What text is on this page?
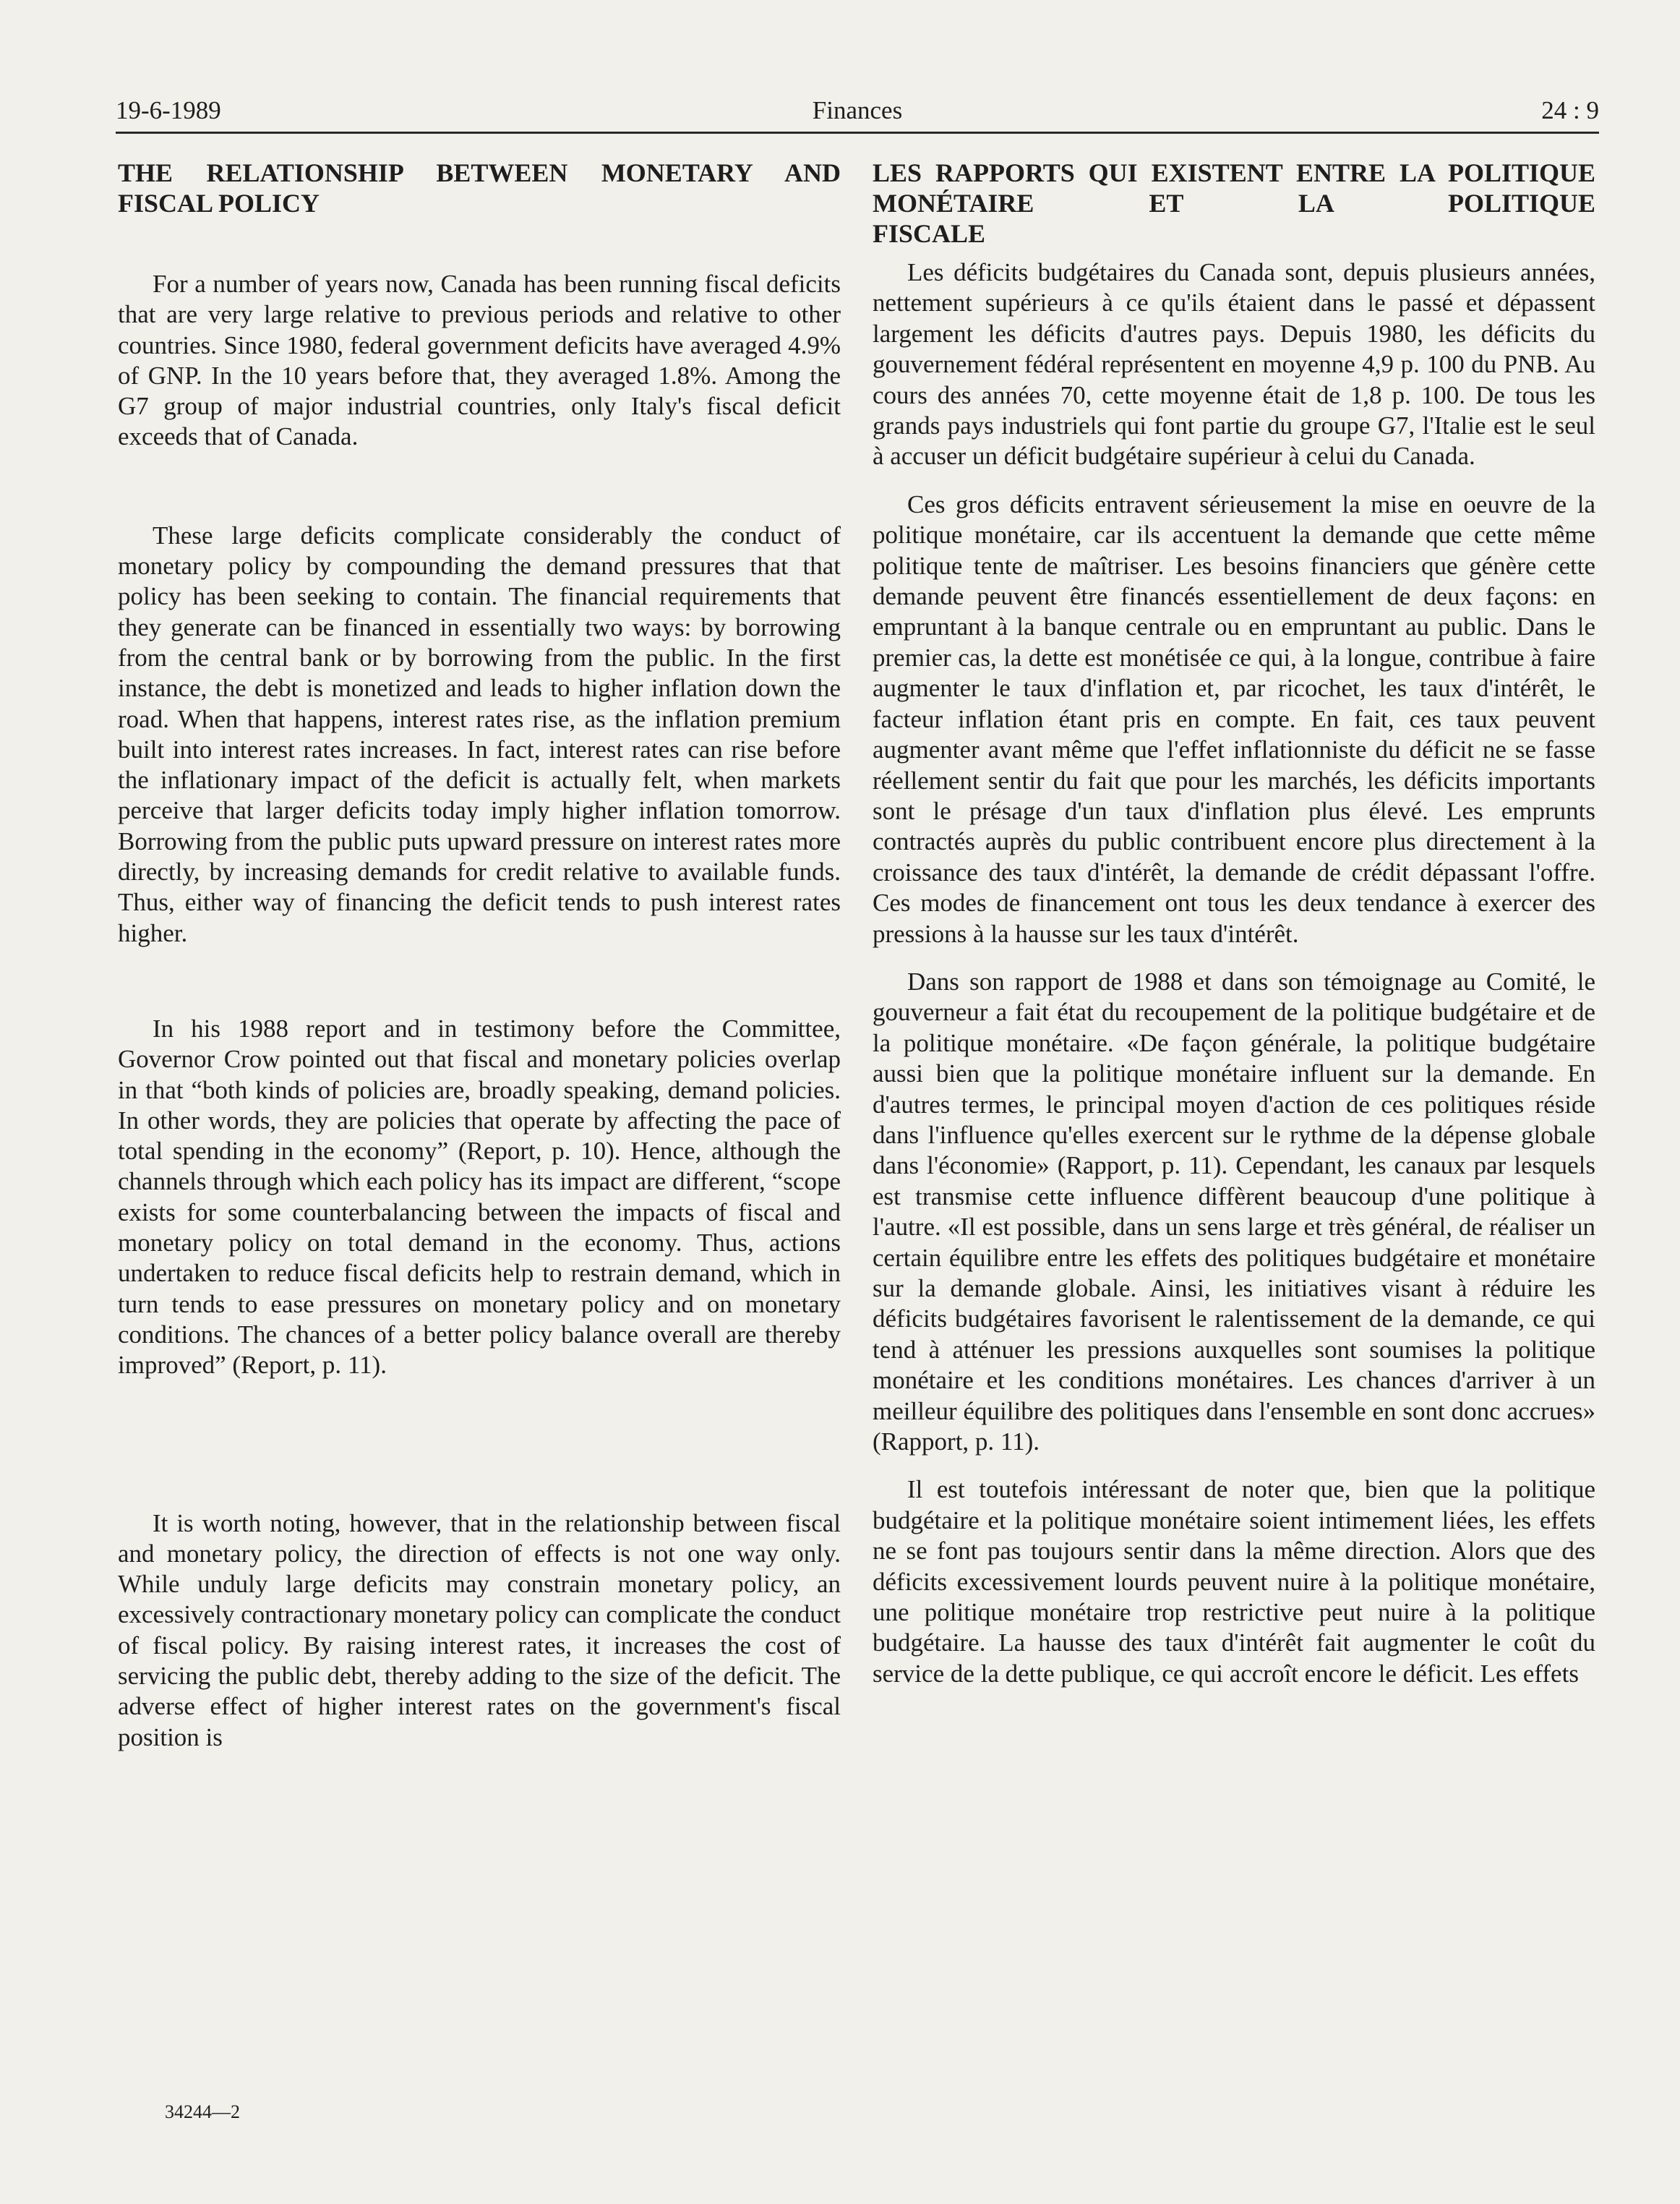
19-6-1989	Finances	24 : 9
THE RELATIONSHIP BETWEEN MONETARY AND
FISCAL POLICY

For a number of years now, Canada has been running fiscal deficits that are very large relative to previous periods and relative to other countries. Since 1980, federal government deficits have averaged 4.9% of GNP. In the 10 years before that, they averaged 1.8%. Among the G7 group of major industrial countries, only Italy's fiscal deficit exceeds that of Canada.

These large deficits complicate considerably the conduct of monetary policy by compounding the demand pressures that that policy has been seeking to contain. The financial requirements that they generate can be financed in essentially two ways: by borrowing from the central bank or by borrowing from the public. In the first instance, the debt is monetized and leads to higher inflation down the road. When that happens, interest rates rise, as the inflation premium built into interest rates increases. In fact, interest rates can rise before the inflationary impact of the deficit is actually felt, when markets perceive that larger deficits today imply higher inflation tomorrow. Borrowing from the public puts upward pressure on interest rates more directly, by increasing demands for credit relative to available funds. Thus, either way of financing the deficit tends to push interest rates higher.

In his 1988 report and in testimony before the Committee, Governor Crow pointed out that fiscal and monetary policies overlap in that “both kinds of policies are, broadly speaking, demand policies. In other words, they are policies that operate by affecting the pace of total spending in the economy” (Report, p. 10). Hence, although the channels through which each policy has its impact are different, “scope exists for some counterbalancing between the impacts of fiscal and monetary policy on total demand in the economy. Thus, actions undertaken to reduce fiscal deficits help to restrain demand, which in turn tends to ease pressures on monetary policy and on monetary conditions. The chances of a better policy balance overall are thereby improved” (Report, p. 11).

It is worth noting, however, that in the relationship between fiscal and monetary policy, the direction of effects is not one way only. While unduly large deficits may constrain monetary policy, an excessively contractionary monetary policy can complicate the conduct of fiscal policy. By raising interest rates, it increases the cost of servicing the public debt, thereby adding to the size of the deficit. The adverse effect of higher interest rates on the government's fiscal position is

LES RAPPORTS QUI EXISTENT ENTRE LA POLITIQUE MONÉTAIRE ET LA POLITIQUE
FISCALE

Les déficits budgétaires du Canada sont, depuis plusieurs années, nettement supérieurs à ce qu'ils étaient dans le passé et dépassent largement les déficits d'autres pays. Depuis 1980, les déficits du gouvernement fédéral représentent en moyenne 4,9 p. 100 du PNB. Au cours des années 70, cette moyenne était de 1,8 p. 100. De tous les grands pays industriels qui font partie du groupe G7, l'Italie est le seul à accuser un déficit budgétaire supérieur à celui du Canada.

Ces gros déficits entravent sérieusement la mise en oeuvre de la politique monétaire, car ils accentuent la demande que cette même politique tente de maîtriser. Les besoins financiers que génère cette demande peuvent être financés essentiellement de deux façons: en empruntant à la banque centrale ou en empruntant au public. Dans le premier cas, la dette est monétisée ce qui, à la longue, contribue à faire augmenter le taux d'inflation et, par ricochet, les taux d'intérêt, le facteur inflation étant pris en compte. En fait, ces taux peuvent augmenter avant même que l'effet inflationniste du déficit ne se fasse réellement sentir du fait que pour les marchés, les déficits importants sont le présage d'un taux d'inflation plus élevé. Les emprunts contractés auprès du public contribuent encore plus directement à la croissance des taux d'intérêt, la demande de crédit dépassant l'offre. Ces modes de financement ont tous les deux tendance à exercer des pressions à la hausse sur les taux d'intérêt.

Dans son rapport de 1988 et dans son témoignage au Comité, le gouverneur a fait état du recoupement de la politique budgétaire et de la politique monétaire. «De façon générale, la politique budgétaire aussi bien que la politique monétaire influent sur la demande. En d'autres termes, le principal moyen d'action de ces politiques réside dans l'influence qu'elles exercent sur le rythme de la dépense globale dans l'économie» (Rapport, p. 11). Cependant, les canaux par lesquels est transmise cette influence diffèrent beaucoup d'une politique à l'autre. «Il est possible, dans un sens large et très général, de réaliser un certain équilibre entre les effets des politiques budgétaire et monétaire sur la demande globale. Ainsi, les initiatives visant à réduire les déficits budgétaires favorisent le ralentissement de la demande, ce qui tend à atténuer les pressions auxquelles sont soumises la politique monétaire et les conditions monétaires. Les chances d'arriver à un meilleur équilibre des politiques dans l'ensemble en sont donc accrues» (Rapport, p. 11).

Il est toutefois intéressant de noter que, bien que la politique budgétaire et la politique monétaire soient intimement liées, les effets ne se font pas toujours sentir dans la même direction. Alors que des déficits excessivement lourds peuvent nuire à la politique monétaire, une politique monétaire trop restrictive peut nuire à la politique budgétaire. La hausse des taux d'intérêt fait augmenter le coût du service de la dette publique, ce qui accroît encore le déficit. Les effets

34244—2
